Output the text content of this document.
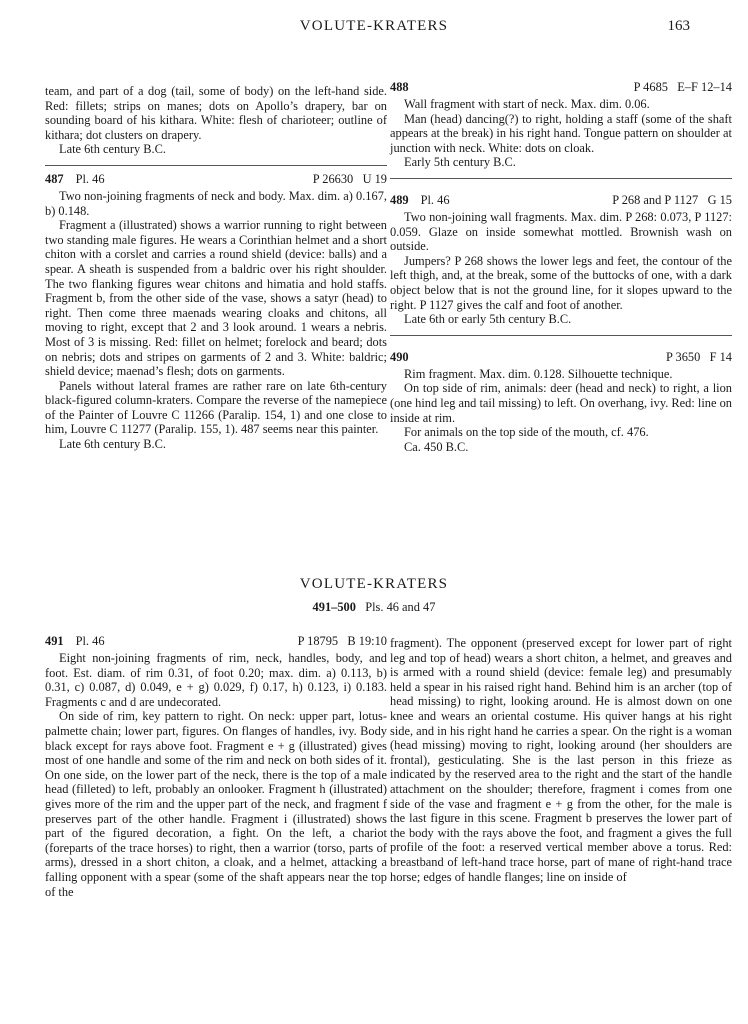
VOLUTE-KRATERS	163

team, and part of a dog (tail, some of body) on the left-hand side. Red: fillets; strips on manes; dots on Apollo’s drapery, bar on sounding board of his kithara. White: flesh of charioteer; outline of kithara; dot clusters on drapery.

Late 6th century B.C.

487 Pl. 46	P 26630 U 19

Two non-joining fragments of neck and body. Max. dim. a) 0.167, b) 0.148.

Fragment a (illustrated) shows a warrior running to right between two standing male figures. He wears a Corinthian helmet and a short chiton with a corslet and carries a round shield (device: balls) and a spear. A sheath is suspended from a baldric over his right shoulder. The two flanking figures wear chitons and himatia and hold staffs. Fragment b, from the other side of the vase, shows a satyr (head) to right. Then come three maenads wearing cloaks and chitons, all moving to right, except that 2 and 3 look around. 1 wears a nebris. Most of 3 is missing. Red: fillet on helmet; forelock and beard; dots on nebris; dots and stripes on garments of 2 and 3. White: baldric; shield device; maenad’s flesh; dots on garments.

Panels without lateral frames are rather rare on late 6th-century black-figured column-kraters. Compare the reverse of the namepiece of the Painter of Louvre C 11266 (Paralip. 154, 1) and one close to him, Louvre C 11277 (Paralip. 155, 1). 487 seems near this painter.

Late 6th century B.C.

488	P 4685 E–F 12–14

Wall fragment with start of neck. Max. dim. 0.06.

Man (head) dancing(?) to right, holding a staff (some of the shaft appears at the break) in his right hand. Tongue pattern on shoulder at junction with neck. White: dots on cloak.

Early 5th century B.C.

489 Pl. 46	P 268 and P 1127 G 15

Two non-joining wall fragments. Max. dim. P 268: 0.073, P 1127: 0.059. Glaze on inside somewhat mottled. Brownish wash on outside.

Jumpers? P 268 shows the lower legs and feet, the contour of the left thigh, and, at the break, some of the buttocks of one, with a dark object below that is not the ground line, for it slopes upward to the right. P 1127 gives the calf and foot of another.

Late 6th or early 5th century B.C.

490	P 3650 F 14

Rim fragment. Max. dim. 0.128. Silhouette technique.

On top side of rim, animals: deer (head and neck) to right, a lion (one hind leg and tail missing) to left. On overhang, ivy. Red: line on inside at rim.

For animals on the top side of the mouth, cf. 476.

Ca. 450 B.C.

VOLUTE-KRATERS
491–500 Pls. 46 and 47
491 Pl. 46	P 18795 B 19:10

Eight non-joining fragments of rim, neck, handles, body, and foot. Est. diam. of rim 0.31, of foot 0.20; max. dim. a) 0.113, b) 0.31, c) 0.087, d) 0.049, e + g) 0.029, f) 0.17, h) 0.123, i) 0.183. Fragments c and d are undecorated.

On side of rim, key pattern to right. On neck: upper part, lotus-palmette chain; lower part, figures. On flanges of handles, ivy. Body black except for rays above foot. Fragment e + g (illustrated) gives most of one handle and some of the rim and neck on both sides of it. On one side, on the lower part of the neck, there is the top of a male head (filleted) to left, probably an onlooker. Fragment h (illustrated) gives more of the rim and the upper part of the neck, and fragment f preserves part of the other handle. Fragment i (illustrated) shows part of the figured decoration, a fight. On the left, a chariot (foreparts of the trace horses) to right, then a warrior (torso, parts of arms), dressed in a short chiton, a cloak, and a helmet, attacking a falling opponent with a spear (some of the shaft appears near the top of the

fragment). The opponent (preserved except for lower part of right leg and top of head) wears a short chiton, a helmet, and greaves and is armed with a round shield (device: female leg) and presumably held a spear in his raised right hand. Behind him is an archer (top of head missing) to right, looking around. He is almost down on one knee and wears an oriental costume. His quiver hangs at his right side, and in his right hand he carries a spear. On the right is a woman (head missing) moving to right, looking around (her shoulders are frontal), gesticulating. She is the last person in this frieze as indicated by the reserved area to the right and the start of the handle attachment on the shoulder; therefore, fragment i comes from one side of the vase and fragment e + g from the other, for the male is the last figure in this scene. Fragment b preserves the lower part of the body with the rays above the foot, and fragment a gives the full profile of the foot: a reserved vertical member above a torus. Red: breastband of left-hand trace horse, part of mane of right-hand trace horse; edges of handle flanges; line on inside of
